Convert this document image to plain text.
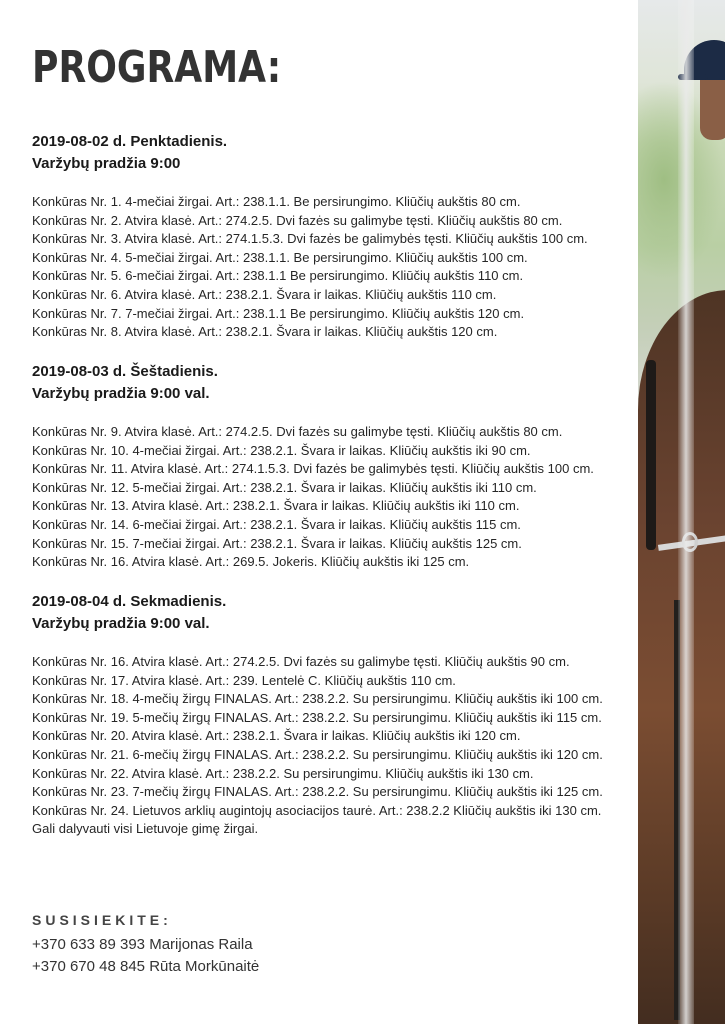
PROGRAMA:
2019-08-02 d. Penktadienis.
Varžybų pradžia 9:00
Konkūras Nr. 1. 4-mečiai žirgai. Art.: 238.1.1. Be persirungimo. Kliūčių aukštis 80 cm.
Konkūras Nr. 2. Atvira klasė. Art.: 274.2.5. Dvi fazės su galimybe tęsti. Kliūčių aukštis 80 cm.
Konkūras Nr. 3. Atvira klasė. Art.: 274.1.5.3. Dvi fazės be galimybės tęsti. Kliūčių aukštis 100 cm.
Konkūras Nr. 4. 5-mečiai žirgai. Art.: 238.1.1. Be persirungimo. Kliūčių aukštis 100 cm.
Konkūras Nr. 5. 6-mečiai žirgai. Art.: 238.1.1 Be persirungimo. Kliūčių aukštis 110 cm.
Konkūras Nr. 6. Atvira klasė. Art.: 238.2.1. Švara ir laikas. Kliūčių aukštis 110 cm.
Konkūras Nr. 7. 7-mečiai žirgai. Art.: 238.1.1 Be persirungimo. Kliūčių aukštis 120 cm.
Konkūras Nr. 8. Atvira klasė. Art.: 238.2.1. Švara ir laikas. Kliūčių aukštis 120 cm.
2019-08-03 d. Šeštadienis.
Varžybų pradžia 9:00 val.
Konkūras Nr. 9. Atvira klasė. Art.: 274.2.5. Dvi fazės su galimybe tęsti. Kliūčių aukštis 80 cm.
Konkūras Nr. 10. 4-mečiai žirgai. Art.: 238.2.1. Švara ir laikas. Kliūčių aukštis iki 90 cm.
Konkūras Nr. 11. Atvira klasė. Art.: 274.1.5.3. Dvi fazės be galimybės tęsti. Kliūčių aukštis 100 cm.
Konkūras Nr. 12. 5-mečiai žirgai. Art.: 238.2.1. Švara ir laikas. Kliūčių aukštis iki 110 cm.
Konkūras Nr. 13. Atvira klasė. Art.: 238.2.1. Švara ir laikas. Kliūčių aukštis iki 110 cm.
Konkūras Nr. 14. 6-mečiai žirgai. Art.: 238.2.1. Švara ir laikas. Kliūčių aukštis 115 cm.
Konkūras Nr. 15. 7-mečiai žirgai. Art.: 238.2.1. Švara ir laikas. Kliūčių aukštis 125 cm.
Konkūras Nr. 16. Atvira klasė. Art.: 269.5. Jokeris. Kliūčių aukštis iki 125 cm.
2019-08-04 d. Sekmadienis.
Varžybų pradžia 9:00 val.
Konkūras Nr. 16. Atvira klasė. Art.: 274.2.5. Dvi fazės su galimybe tęsti. Kliūčių aukštis 90 cm.
Konkūras Nr. 17. Atvira klasė. Art.: 239. Lentelė C. Kliūčių aukštis 110 cm.
Konkūras Nr. 18. 4-mečių žirgų FINALAS. Art.: 238.2.2. Su persirungimu. Kliūčių aukštis iki 100 cm.
Konkūras Nr. 19. 5-mečių žirgų FINALAS. Art.: 238.2.2. Su persirungimu. Kliūčių aukštis iki 115 cm.
Konkūras Nr. 20. Atvira klasė. Art.: 238.2.1. Švara ir laikas. Kliūčių aukštis iki 120 cm.
Konkūras Nr. 21. 6-mečių žirgų FINALAS. Art.: 238.2.2. Su persirungimu. Kliūčių aukštis iki 120 cm.
Konkūras Nr. 22. Atvira klasė. Art.: 238.2.2. Su persirungimu. Kliūčių aukštis iki 130 cm.
Konkūras Nr. 23. 7-mečių žirgų FINALAS. Art.: 238.2.2. Su persirungimu. Kliūčių aukštis iki 125 cm.
Konkūras Nr. 24. Lietuvos arklių augintojų asociacijos taurė. Art.: 238.2.2 Kliūčių aukštis iki 130 cm.
Gali dalyvauti visi Lietuvoje gimę žirgai.
SUSISIEKITE:
+370 633 89 393 Marijonas Raila
+370 670 48 845 Rūta Morkūnaitė
